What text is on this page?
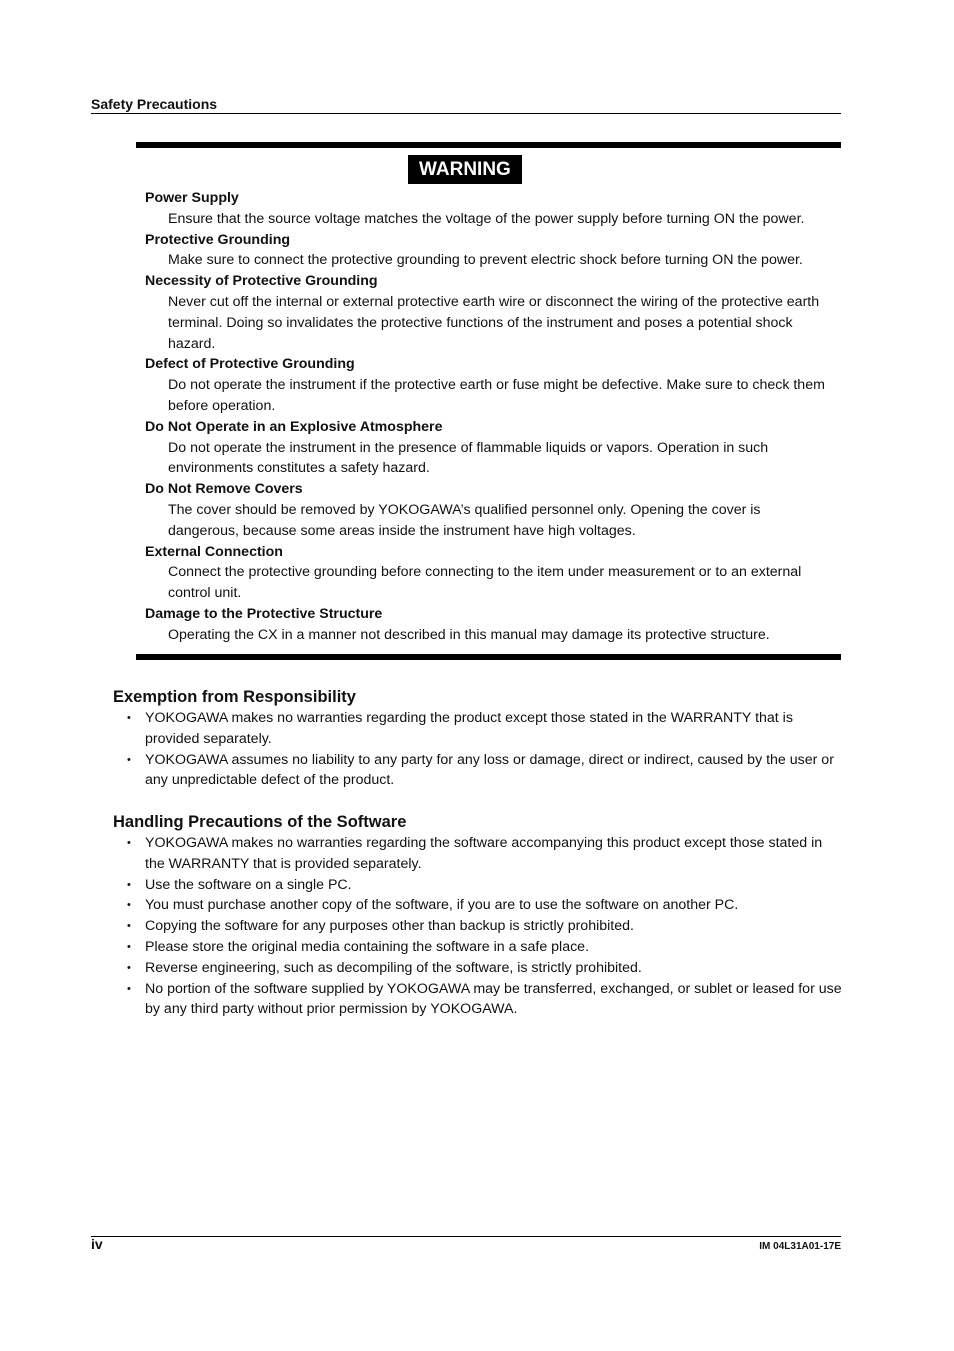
Safety Precautions
WARNING
Power Supply
Ensure that the source voltage matches the voltage of the power supply before turning ON the power.
Protective Grounding
Make sure to connect the protective grounding to prevent electric shock before turning ON the power.
Necessity of Protective Grounding
Never cut off the internal or external protective earth wire or disconnect the wiring of the protective earth terminal. Doing so invalidates the protective functions of the instrument and poses a potential shock hazard.
Defect of Protective Grounding
Do not operate the instrument if the protective earth or fuse might be defective. Make sure to check them before operation.
Do Not Operate in an Explosive Atmosphere
Do not operate the instrument in the presence of flammable liquids or vapors. Operation in such environments constitutes a safety hazard.
Do Not Remove Covers
The cover should be removed by YOKOGAWA’s qualified personnel only. Opening the cover is dangerous, because some areas inside the instrument have high voltages.
External Connection
Connect the protective grounding before connecting to the item under measurement or to an external control unit.
Damage to the Protective Structure
Operating the CX in a manner not described in this manual may damage its protective structure.
Exemption from Responsibility
• YOKOGAWA makes no warranties regarding the product except those stated in the WARRANTY that is provided separately.
• YOKOGAWA assumes no liability to any party for any loss or damage, direct or indirect, caused by the user or any unpredictable defect of the product.
Handling Precautions of the Software
• YOKOGAWA makes no warranties regarding the software accompanying this product except those stated in the WARRANTY that is provided separately.
• Use the software on a single PC.
• You must purchase another copy of the software, if you are to use the software on another PC.
• Copying the software for any purposes other than backup is strictly prohibited.
• Please store the original media containing the software in a safe place.
• Reverse engineering, such as decompiling of the software, is strictly prohibited.
• No portion of the software supplied by YOKOGAWA may be transferred, exchanged, or sublet or leased for use by any third party without prior permission by YOKOGAWA.
iv	IM 04L31A01-17E
